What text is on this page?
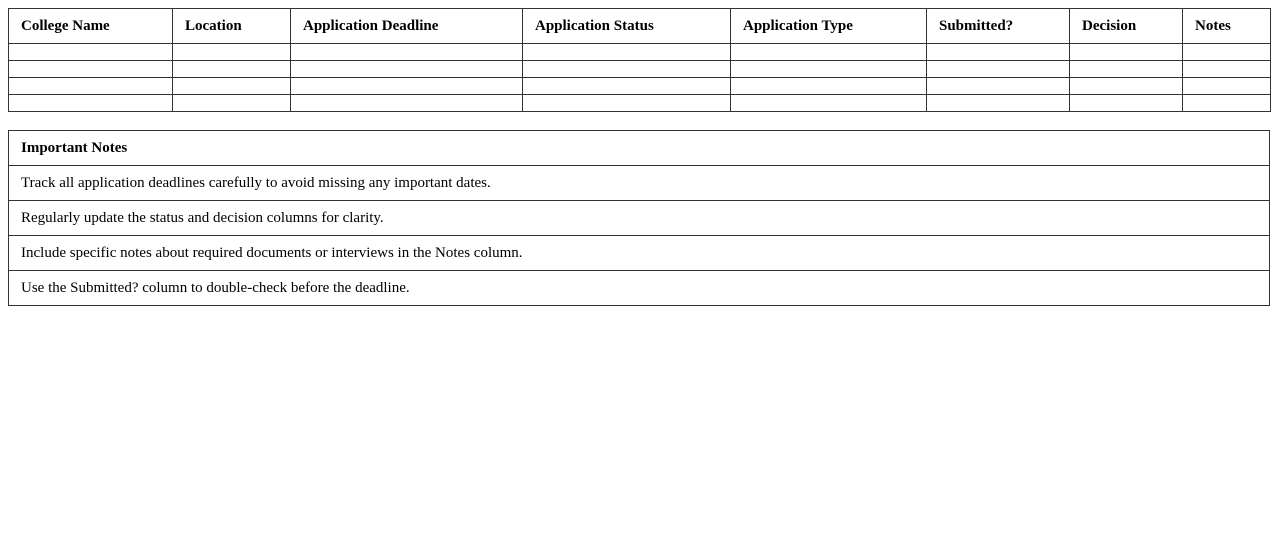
College Name	Location	Application Deadline	Application Status	Application Type	Submitted?	Decision	Notes

Important Notes
Track all application deadlines carefully to avoid missing any important dates.
Regularly update the status and decision columns for clarity.
Include specific notes about required documents or interviews in the Notes column.
Use the Submitted? column to double-check before the deadline.
